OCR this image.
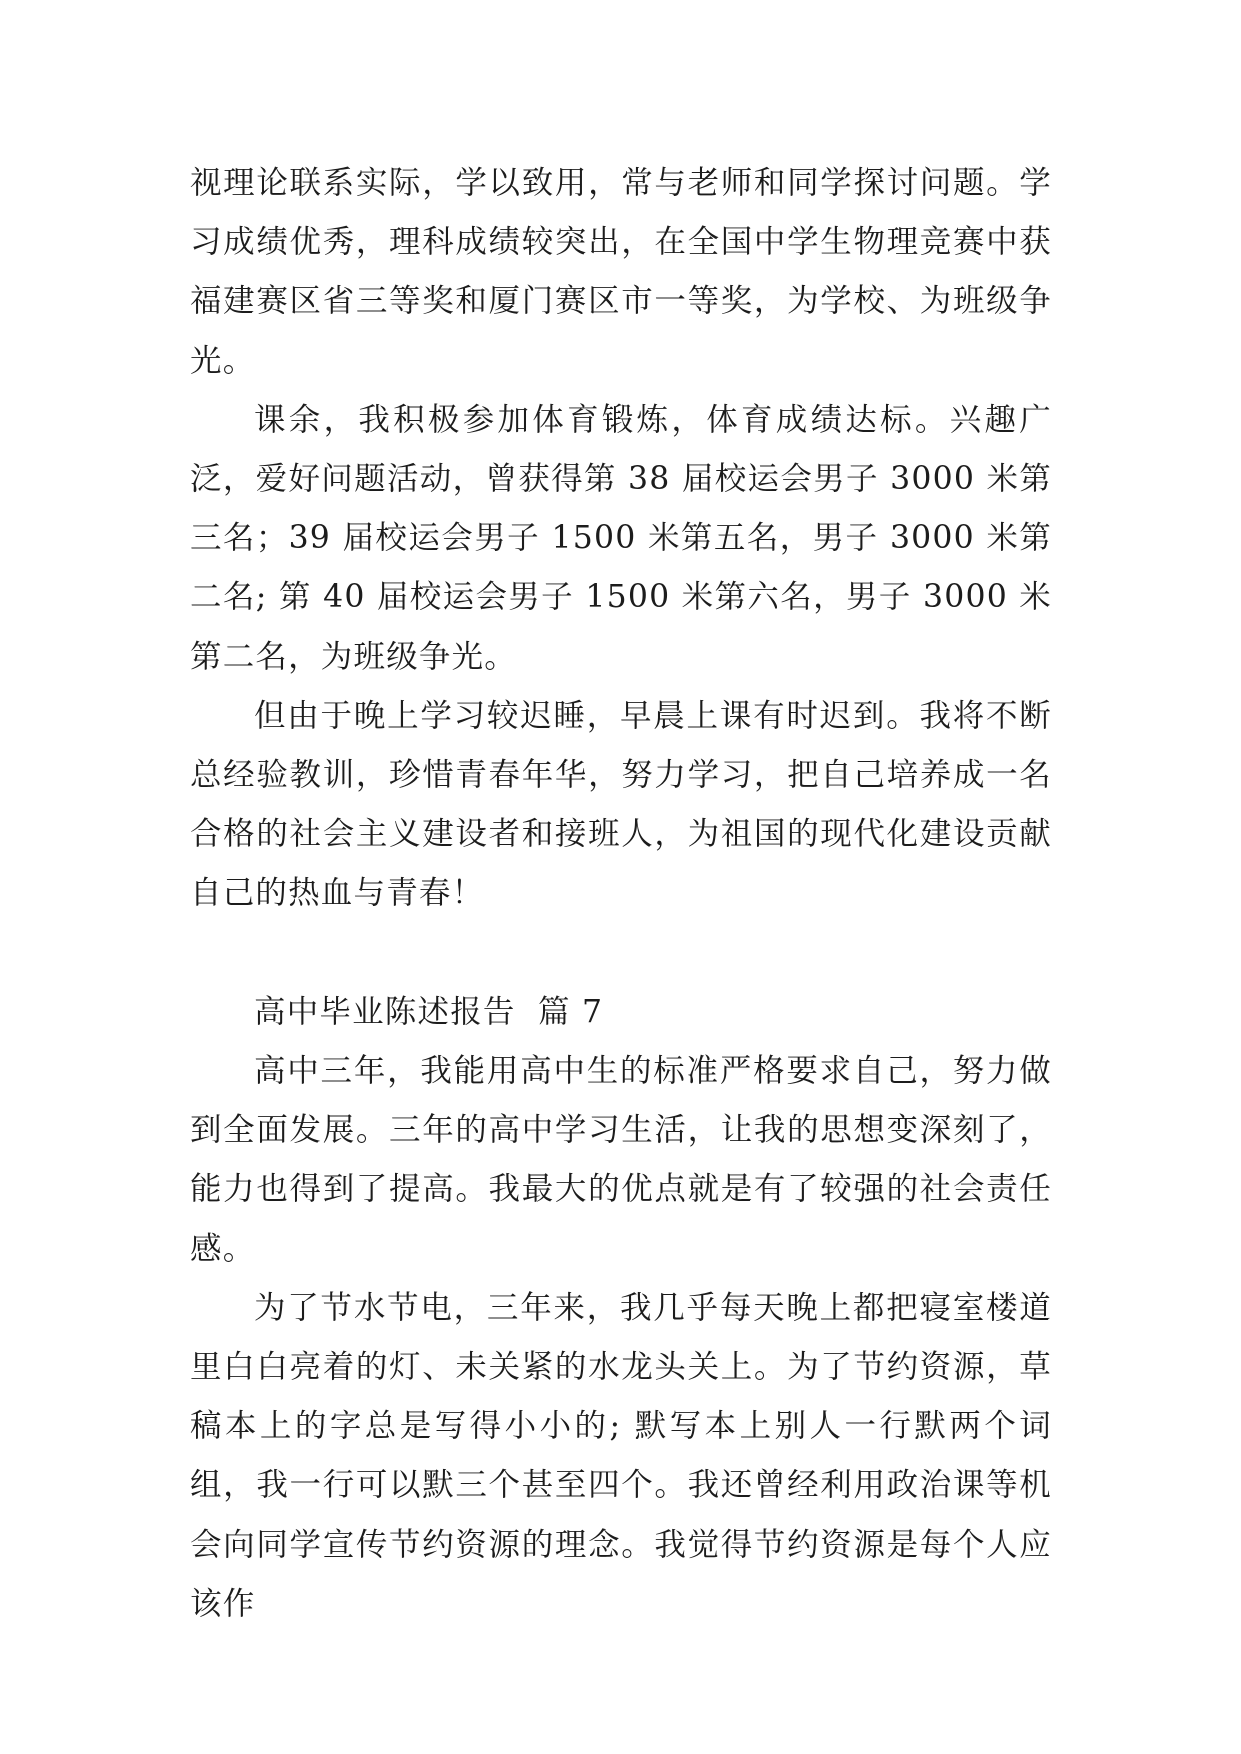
视理论联系实际，学以致用，常与老师和同学探讨问题。学习成绩优秀，理科成绩较突出，在全国中学生物理竞赛中获福建赛区省三等奖和厦门赛区市一等奖，为学校、为班级争光。

课余，我积极参加体育锻炼，体育成绩达标。兴趣广泛，爱好问题活动，曾获得第 38 届校运会男子 3000 米第三名；39 届校运会男子 1500 米第五名，男子 3000 米第二名; 第 40 届校运会男子 1500 米第六名，男子 3000 米第二名，为班级争光。

但由于晚上学习较迟睡，早晨上课有时迟到。我将不断总经验教训，珍惜青春年华，努力学习，把自己培养成一名合格的社会主义建设者和接班人，为祖国的现代化建设贡献自己的热血与青春！

高中毕业陈述报告  篇 7

高中三年，我能用高中生的标准严格要求自己，努力做到全面发展。三年的高中学习生活，让我的思想变深刻了，能力也得到了提高。我最大的优点就是有了较强的社会责任感。

为了节水节电，三年来，我几乎每天晚上都把寝室楼道里白白亮着的灯、未关紧的水龙头关上。为了节约资源，草稿本上的字总是写得小小的; 默写本上别人一行默两个词组，我一行可以默三个甚至四个。我还曾经利用政治课等机会向同学宣传节约资源的理念。我觉得节约资源是每个人应该作
